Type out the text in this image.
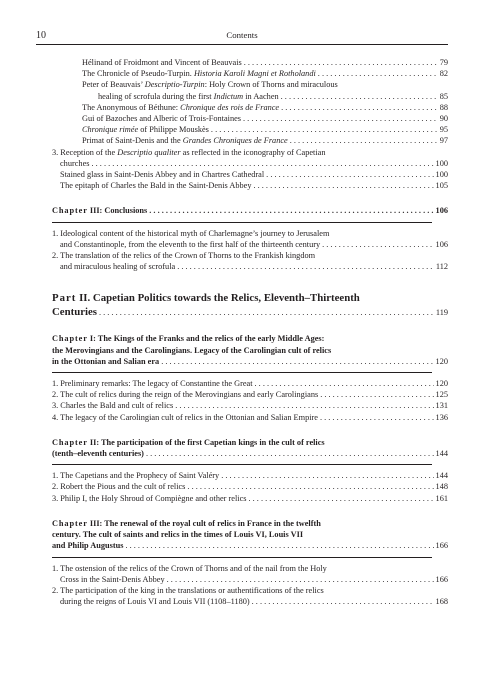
10	Contents
Hélinand of Froidmont and Vincent of Beauvais . . .	79
The Chronicle of Pseudo-Turpin. Historia Karoli Magni et Rotholandi . . .	82
Peter of Beauvais’ Descriptio-Turpin: Holy Crown of Thorns and miraculous
healing of scrofula during the first Indictum in Aachen . . .	85
The Anonymous of Béthune: Chronique des rois de France . . .	88
Gui of Bazoches and Alberic of Trois-Fontaines . . .	90
Chronique rimée of Philippe Mouskès . . .	95
Primat of Saint-Denis and the Grandes Chroniques de France . . .	97
3. Reception of the Descriptio qualiter as reflected in the iconography of Capetian
churches . . .	100
Stained glass in Saint-Denis Abbey and in Chartres Cathedral . . .	100
The epitaph of Charles the Bald in the Saint-Denis Abbey . . .	105
Chapter III: Conclusions . . .	106
1. Ideological content of the historical myth of Charlemagne’s journey to Jerusalem
and Constantinople, from the eleventh to the first half of the thirteenth century . . .	106
2. The translation of the relics of the Crown of Thorns to the Frankish kingdom
and miraculous healing of scrofula . . .	112
Part II. Capetian Politics towards the Relics, Eleventh–Thirteenth
Centuries . . .	119
Chapter I: The Kings of the Franks and the relics of the early Middle Ages:
the Merovingians and the Carolingians. Legacy of the Carolingian cult of relics
in the Ottonian and Salian era . . .	120
1. Preliminary remarks: The legacy of Constantine the Great . . .	120
2. The cult of relics during the reign of the Merovingians and early Carolingians . . .	125
3. Charles the Bald and cult of relics . . .	131
4. The legacy of the Carolingian cult of relics in the Ottonian and Salian Empire . . .	136
Chapter II: The participation of the first Capetian kings in the cult of relics
(tenth–eleventh centuries) . . .	144
1. The Capetians and the Prophecy of Saint Valéry . . .	144
2. Robert the Pious and the cult of relics . . .	148
3. Philip I, the Holy Shroud of Compiègne and other relics . . .	161
Chapter III: The renewal of the royal cult of relics in France in the twelfth
century. The cult of saints and relics in the times of Louis VI, Louis VII
and Philip Augustus . . .	166
1. The ostension of the relics of the Crown of Thorns and of the nail from the Holy
Cross in the Saint-Denis Abbey . . .	166
2. The participation of the king in the translations or authentifications of the relics
during the reigns of Louis VI and Louis VII (1108–1180) . . .	168
